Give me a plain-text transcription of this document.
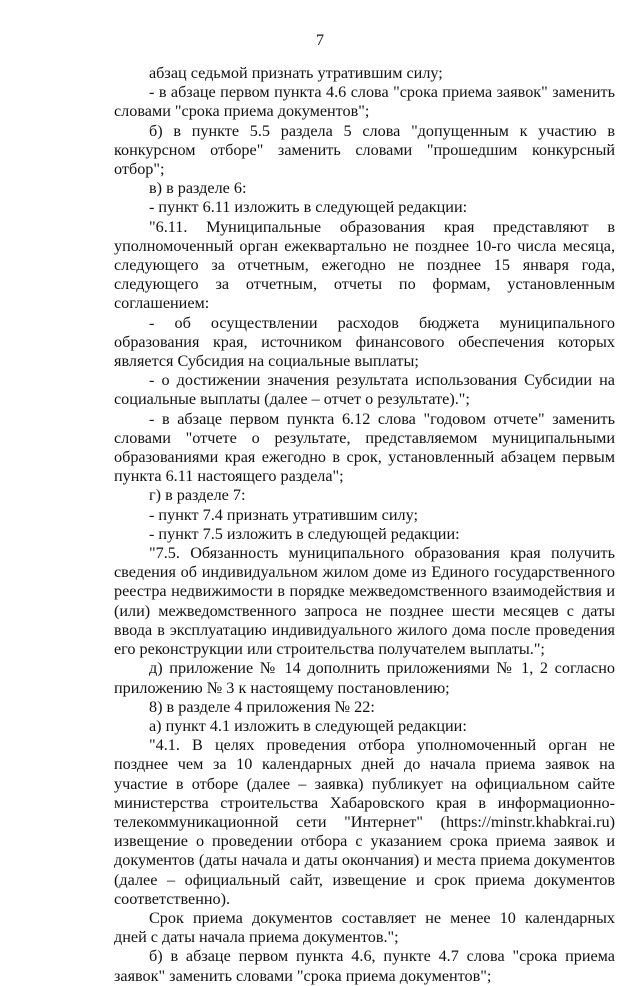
7

абзац седьмой признать утратившим силу;

- в абзаце первом пункта 4.6 слова "срока приема заявок" заменить словами "срока приема документов";

б) в пункте 5.5 раздела 5 слова "допущенным к участию в конкурсном отборе" заменить словами "прошедшим конкурсный отбор";

в) в разделе 6:

- пункт 6.11 изложить в следующей редакции:

"6.11. Муниципальные образования края представляют в уполномоченный орган ежеквартально не позднее 10-го числа месяца, следующего за отчетным, ежегодно не позднее 15 января года, следующего за отчетным, отчеты по формам, установленным соглашением:

- об осуществлении расходов бюджета муниципального образования края, источником финансового обеспечения которых является Субсидия на социальные выплаты;

- о достижении значения результата использования Субсидии на социальные выплаты (далее – отчет о результате).";

- в абзаце первом пункта 6.12 слова "годовом отчете" заменить словами "отчете о результате, представляемом муниципальными образованиями края ежегодно в срок, установленный абзацем первым пункта 6.11 настоящего раздела";

г) в разделе 7:

- пункт 7.4 признать утратившим силу;

- пункт 7.5 изложить в следующей редакции:

"7.5. Обязанность муниципального образования края получить сведения об индивидуальном жилом доме из Единого государственного реестра недвижимости в порядке межведомственного взаимодействия и (или) межведомственного запроса не позднее шести месяцев с даты ввода в эксплуатацию индивидуального жилого дома после проведения его реконструкции или строительства получателем выплаты.";

д) приложение № 14 дополнить приложениями № 1, 2 согласно приложению № 3 к настоящему постановлению;

8) в разделе 4 приложения № 22:

а) пункт 4.1 изложить в следующей редакции:

"4.1. В целях проведения отбора уполномоченный орган не позднее чем за 10 календарных дней до начала приема заявок на участие в отборе (далее – заявка) публикует на официальном сайте министерства строительства Хабаровского края в информационно-телекоммуникационной сети "Интернет" (https://minstr.khabkrai.ru) извещение о проведении отбора с указанием срока приема заявок и документов (даты начала и даты окончания) и места приема документов (далее – официальный сайт, извещение и срок приема документов соответственно).

Срок приема документов составляет не менее 10 календарных дней с даты начала приема документов.";

б) в абзаце первом пункта 4.6, пункте 4.7 слова "срока приема заявок" заменить словами "срока приема документов";
